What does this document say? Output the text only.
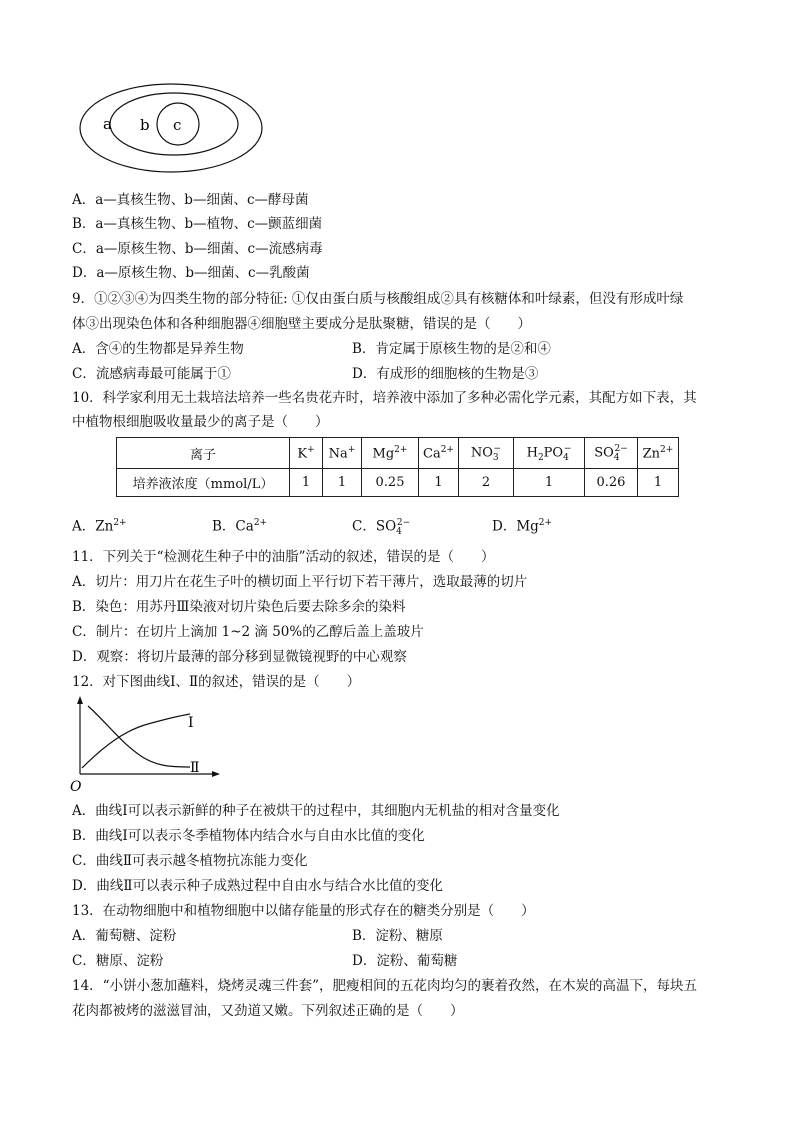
a b c
A．a—真核生物、b—细菌、c—酵母菌
B．a—真核生物、b—植物、c—颤蓝细菌
C．a—原核生物、b—细菌、c—流感病毒
D．a—原核生物、b—细菌、c—乳酸菌
9．①②③④为四类生物的部分特征: ①仅由蛋白质与核酸组成②具有核糖体和叶绿素，但没有形成叶绿
体③出现染色体和各种细胞器④细胞壁主要成分是肽聚糖，错误的是（　　）
A．含④的生物都是异养生物	B．肯定属于原核生物的是②和④
C．流感病毒最可能属于①	D．有成形的细胞核的生物是③
10．科学家利用无土栽培法培养一些名贵花卉时，培养液中添加了多种必需化学元素，其配方如下表，其
中植物根细胞吸收量最少的离子是（　　）
离子	K+	Na+	$Mg^{2+}$	$Ca^{2+}$	$NO_3^-$	$H_2PO_4^-$	$SO_4^{2-}$	$Zn^{2+}$
培养液浓度（mmol/L）	1	1	0.25	1	2	1	0.26	1
A．$Zn^{2+}$	B．$Ca^{2+}$	C．$SO_4^{2-}$	D．$Mg^{2+}$
11．下列关于“检测花生种子中的油脂”活动的叙述，错误的是（　　）
A．切片：用刀片在花生子叶的横切面上平行切下若干薄片，选取最薄的切片
B．染色：用苏丹Ⅲ染液对切片染色后要去除多余的染料
C．制片：在切片上滴加 1~2 滴 50%的乙醇后盖上盖玻片
D．观察：将切片最薄的部分移到显微镜视野的中心观察
12．对下图曲线Ⅰ、Ⅱ的叙述，错误的是（　　）
Ⅰ
Ⅱ
O
A．曲线Ⅰ可以表示新鲜的种子在被烘干的过程中，其细胞内无机盐的相对含量变化
B．曲线Ⅰ可以表示冬季植物体内结合水与自由水比值的变化
C．曲线Ⅱ可表示越冬植物抗冻能力变化
D．曲线Ⅱ可以表示种子成熟过程中自由水与结合水比值的变化
13．在动物细胞中和植物细胞中以储存能量的形式存在的糖类分别是（　　）
A．葡萄糖、淀粉	B．淀粉、糖原
C．糖原、淀粉	D．淀粉、葡萄糖
14．“小饼小葱加蘸料，烧烤灵魂三件套”，肥瘦相间的五花肉均匀的裹着孜然，在木炭的高温下，每块五
花肉都被烤的滋滋冒油，又劲道又嫩。下列叙述正确的是（　　）
